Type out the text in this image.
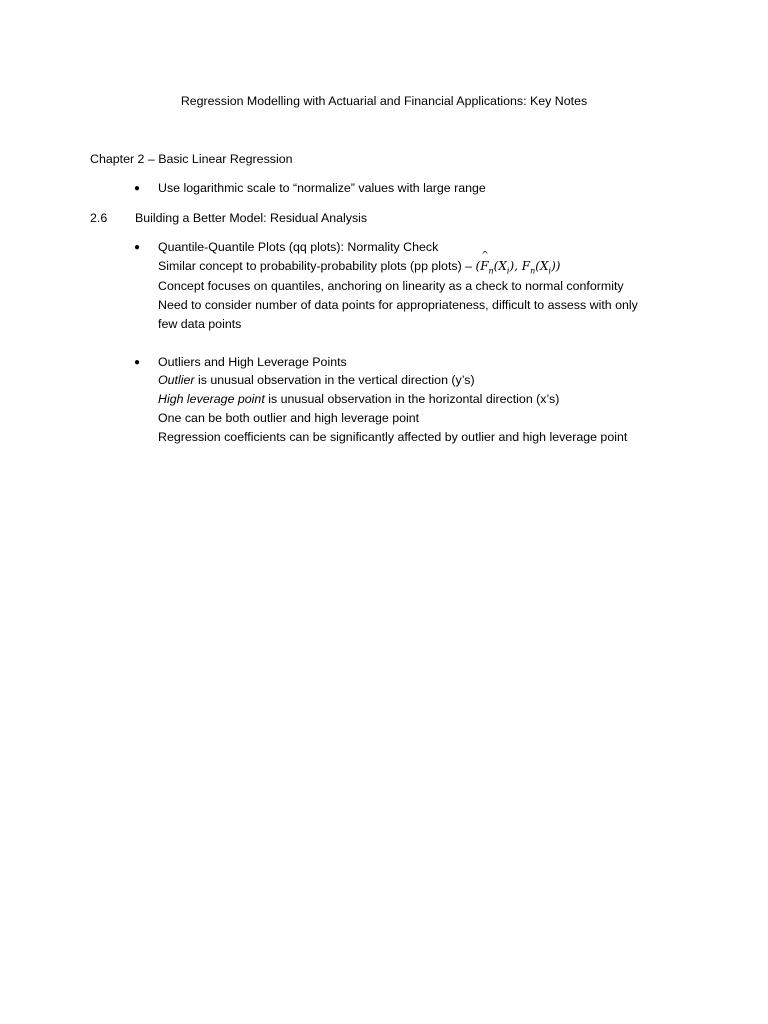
Regression Modelling with Actuarial and Financial Applications: Key Notes
Chapter 2 – Basic Linear Regression
● Use logarithmic scale to “normalize” values with large range
2.6 Building a Better Model: Residual Analysis
● Quantile-Quantile Plots (qq plots): Normality Check
Similar concept to probability-probability plots (pp plots) – (^ $F_n(X_i)$, $F_n(X_i)$)
Concept focuses on quantiles, anchoring on linearity as a check to normal conformity
Need to consider number of data points for appropriateness, difficult to assess with only
few data points
● Outliers and High Leverage Points
Outlier is unusual observation in the vertical direction (y’s)
High leverage point is unusual observation in the horizontal direction (x’s)
One can be both outlier and high leverage point
Regression coefficients can be significantly affected by outlier and high leverage point
